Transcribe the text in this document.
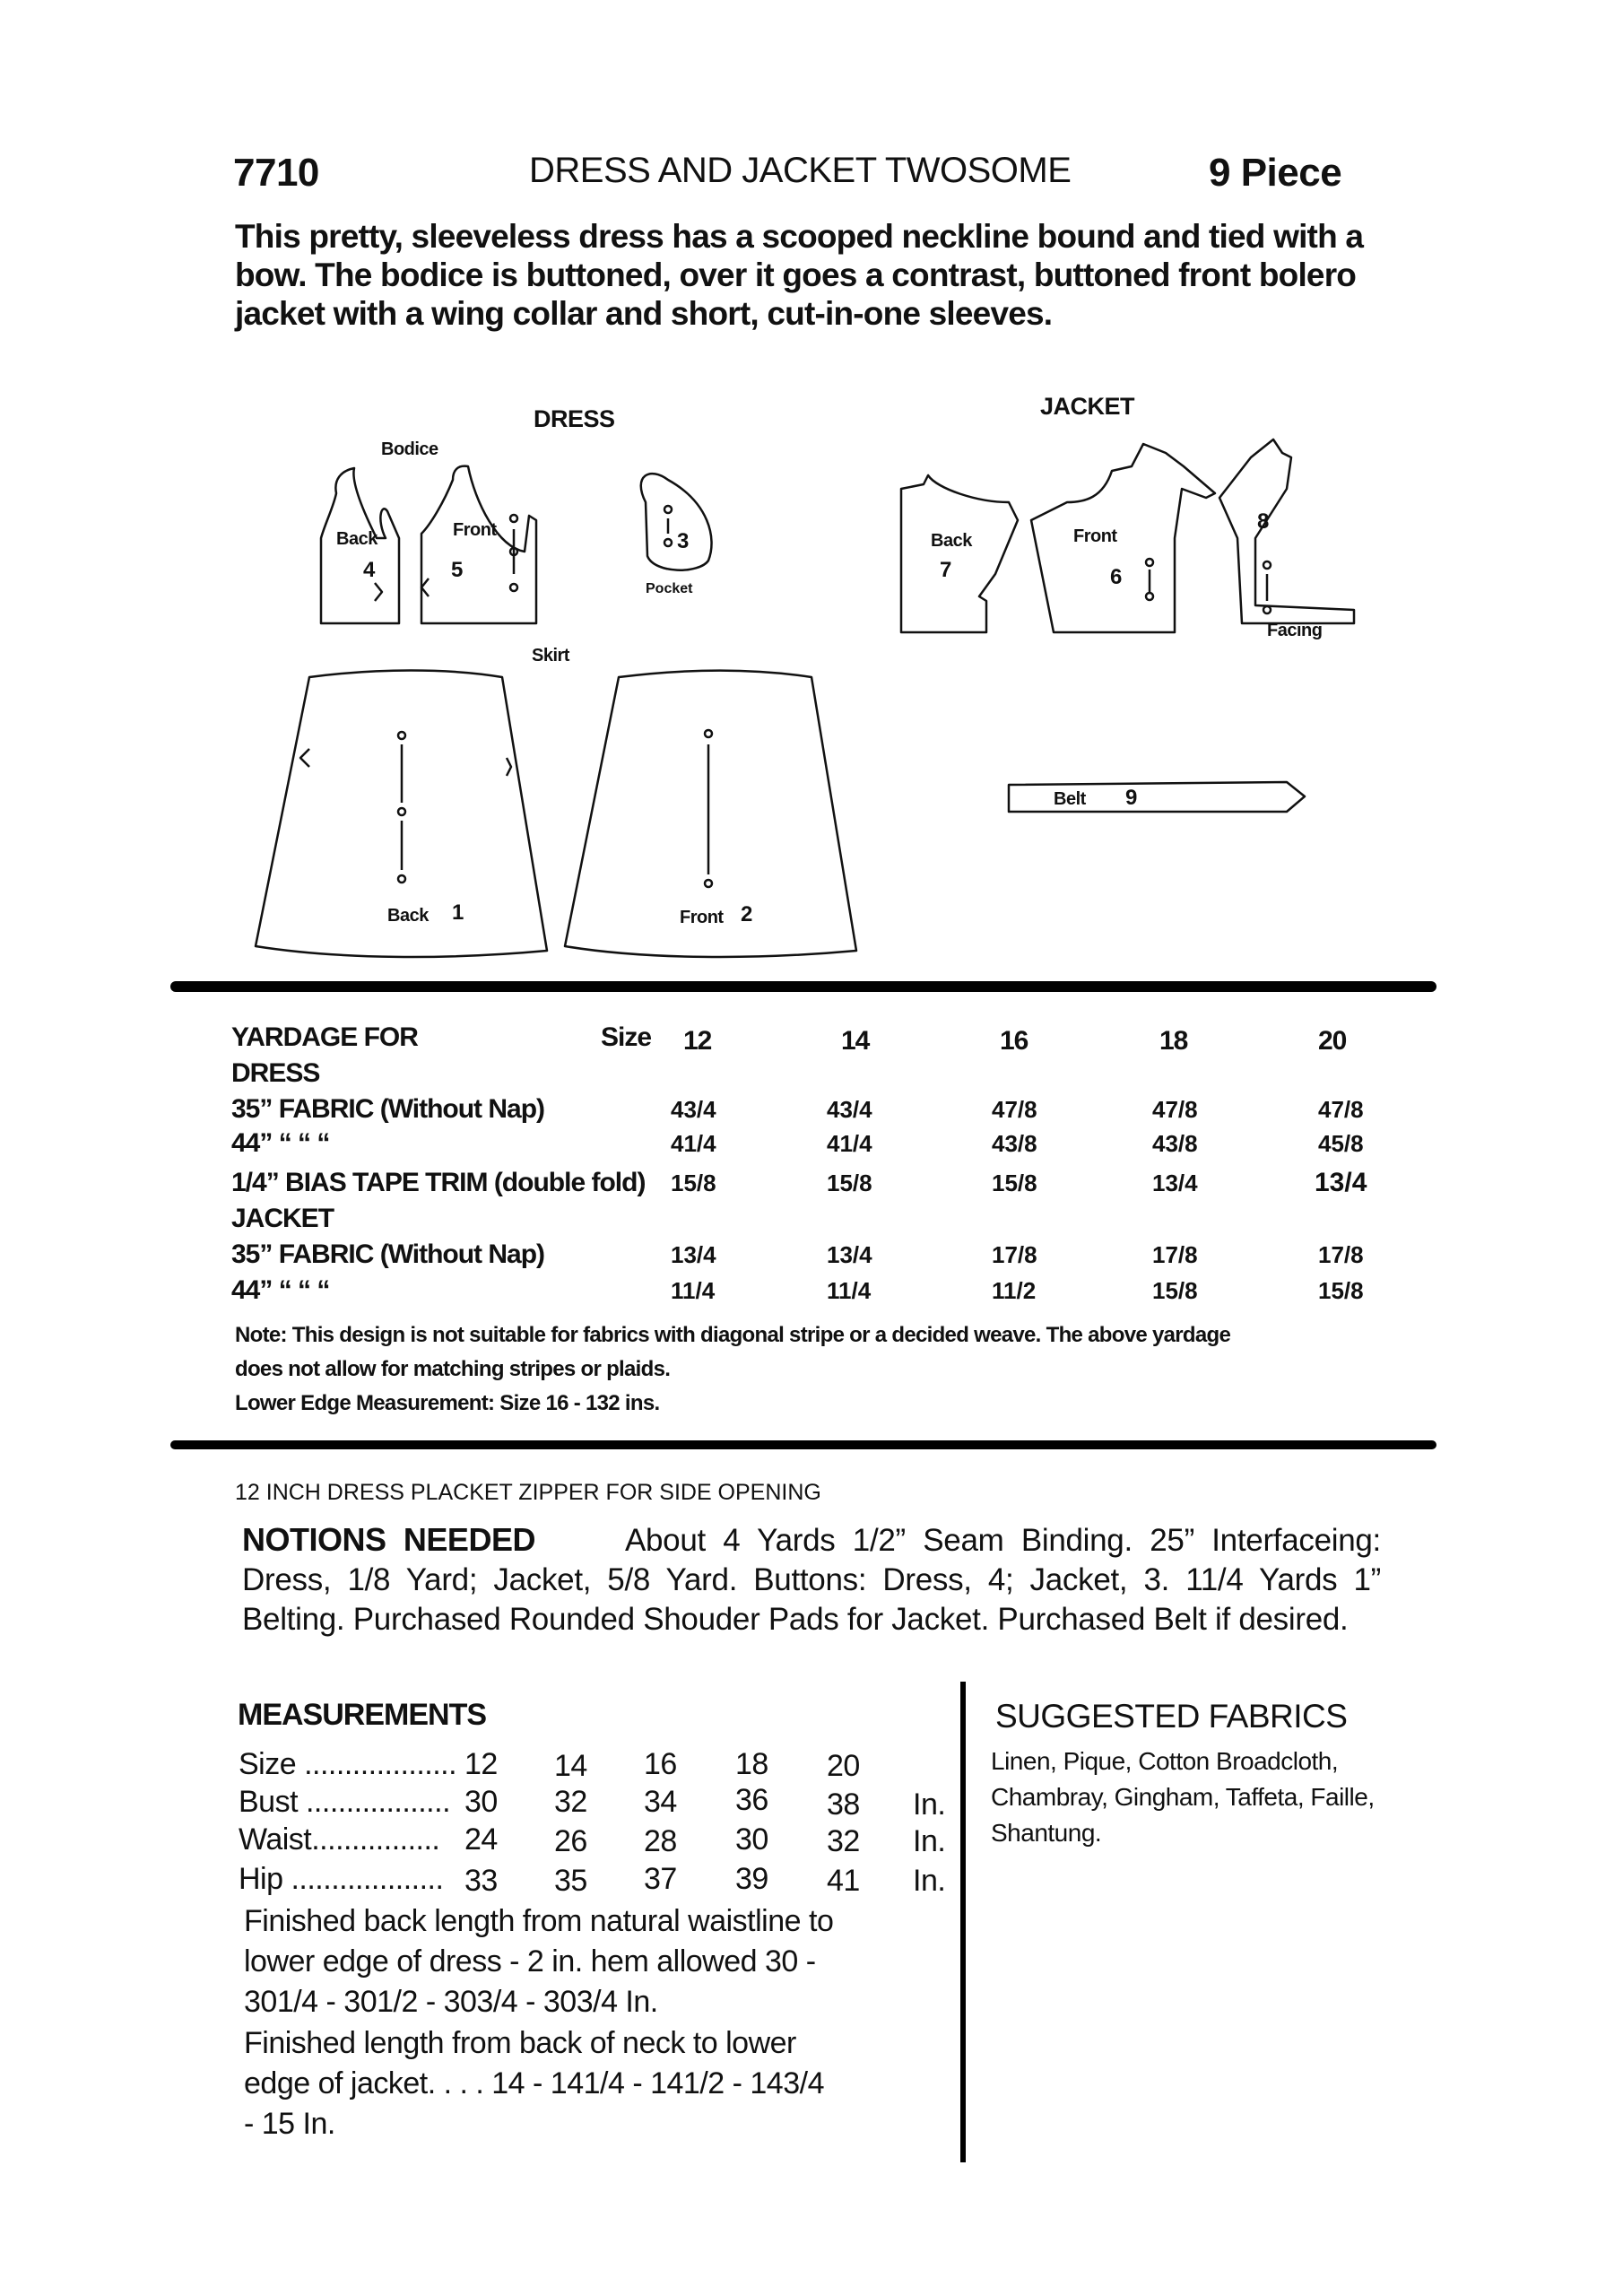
7710	DRESS AND JACKET TWOSOME	9 Piece
This pretty, sleeveless dress has a scooped neckline bound and tied with a bow. The bodice is buttoned, over it goes a contrast, buttoned front bolero jacket with a wing collar and short, cut-in-one sleeves.
DRESS	JACKET
Bodice
Skirt
Back
4
Front
5
3
Pocket
Back
7
Front
6
8
Facing
Belt 9
Back 1	Front 2
YARDAGE FOR	Size 12	14	16	18	20
DRESS
35” FABRIC (Without Nap)	43/4	43/4	47/8	47/8	47/8
44” “ “ “	41/4	41/4	43/8	43/8	45/8
1/4” BIAS TAPE TRIM (double fold) 15/8	15/8	15/8	13/4	13/4
JACKET
35” FABRIC (Without Nap)	13/4	13/4	17/8	17/8	17/8
44” “ “ “	11/4	11/4	11/2	15/8	15/8
Note: This design is not suitable for fabrics with diagonal stripe or a decided weave. The above yardage
does not allow for matching stripes or plaids.
Lower Edge Measurement: Size 16 - 132 ins.
12 INCH DRESS PLACKET ZIPPER FOR SIDE OPENING
NOTIONS NEEDED	About 4 Yards 1/2” Seam Binding. 25” Interfaceing: Dress, 1/8 Yard; Jacket, 5/8 Yard. Buttons: Dress, 4; Jacket, 3. 11/4 Yards 1” Belting. Purchased Rounded Shouder Pads for Jacket. Purchased Belt if desired.
MEASUREMENTS
Size ................... 12 14 16 18 20
Bust .................. 30 32 34 36 38 In.
Waist................ 24 26 28 30 32 In.
Hip ................... 33 35 37 39 41 In.
Finished back length from natural waistline to lower edge of dress - 2 in. hem allowed 30 - 301/4 - 301/2 - 303/4 - 303/4 In.
Finished length from back of neck to lower edge of jacket. . . . 14 - 141/4 - 141/2 - 143/4 - 15 In.
SUGGESTED FABRICS
Linen, Pique, Cotton Broadcloth, Chambray, Gingham, Taffeta, Faille, Shantung.
